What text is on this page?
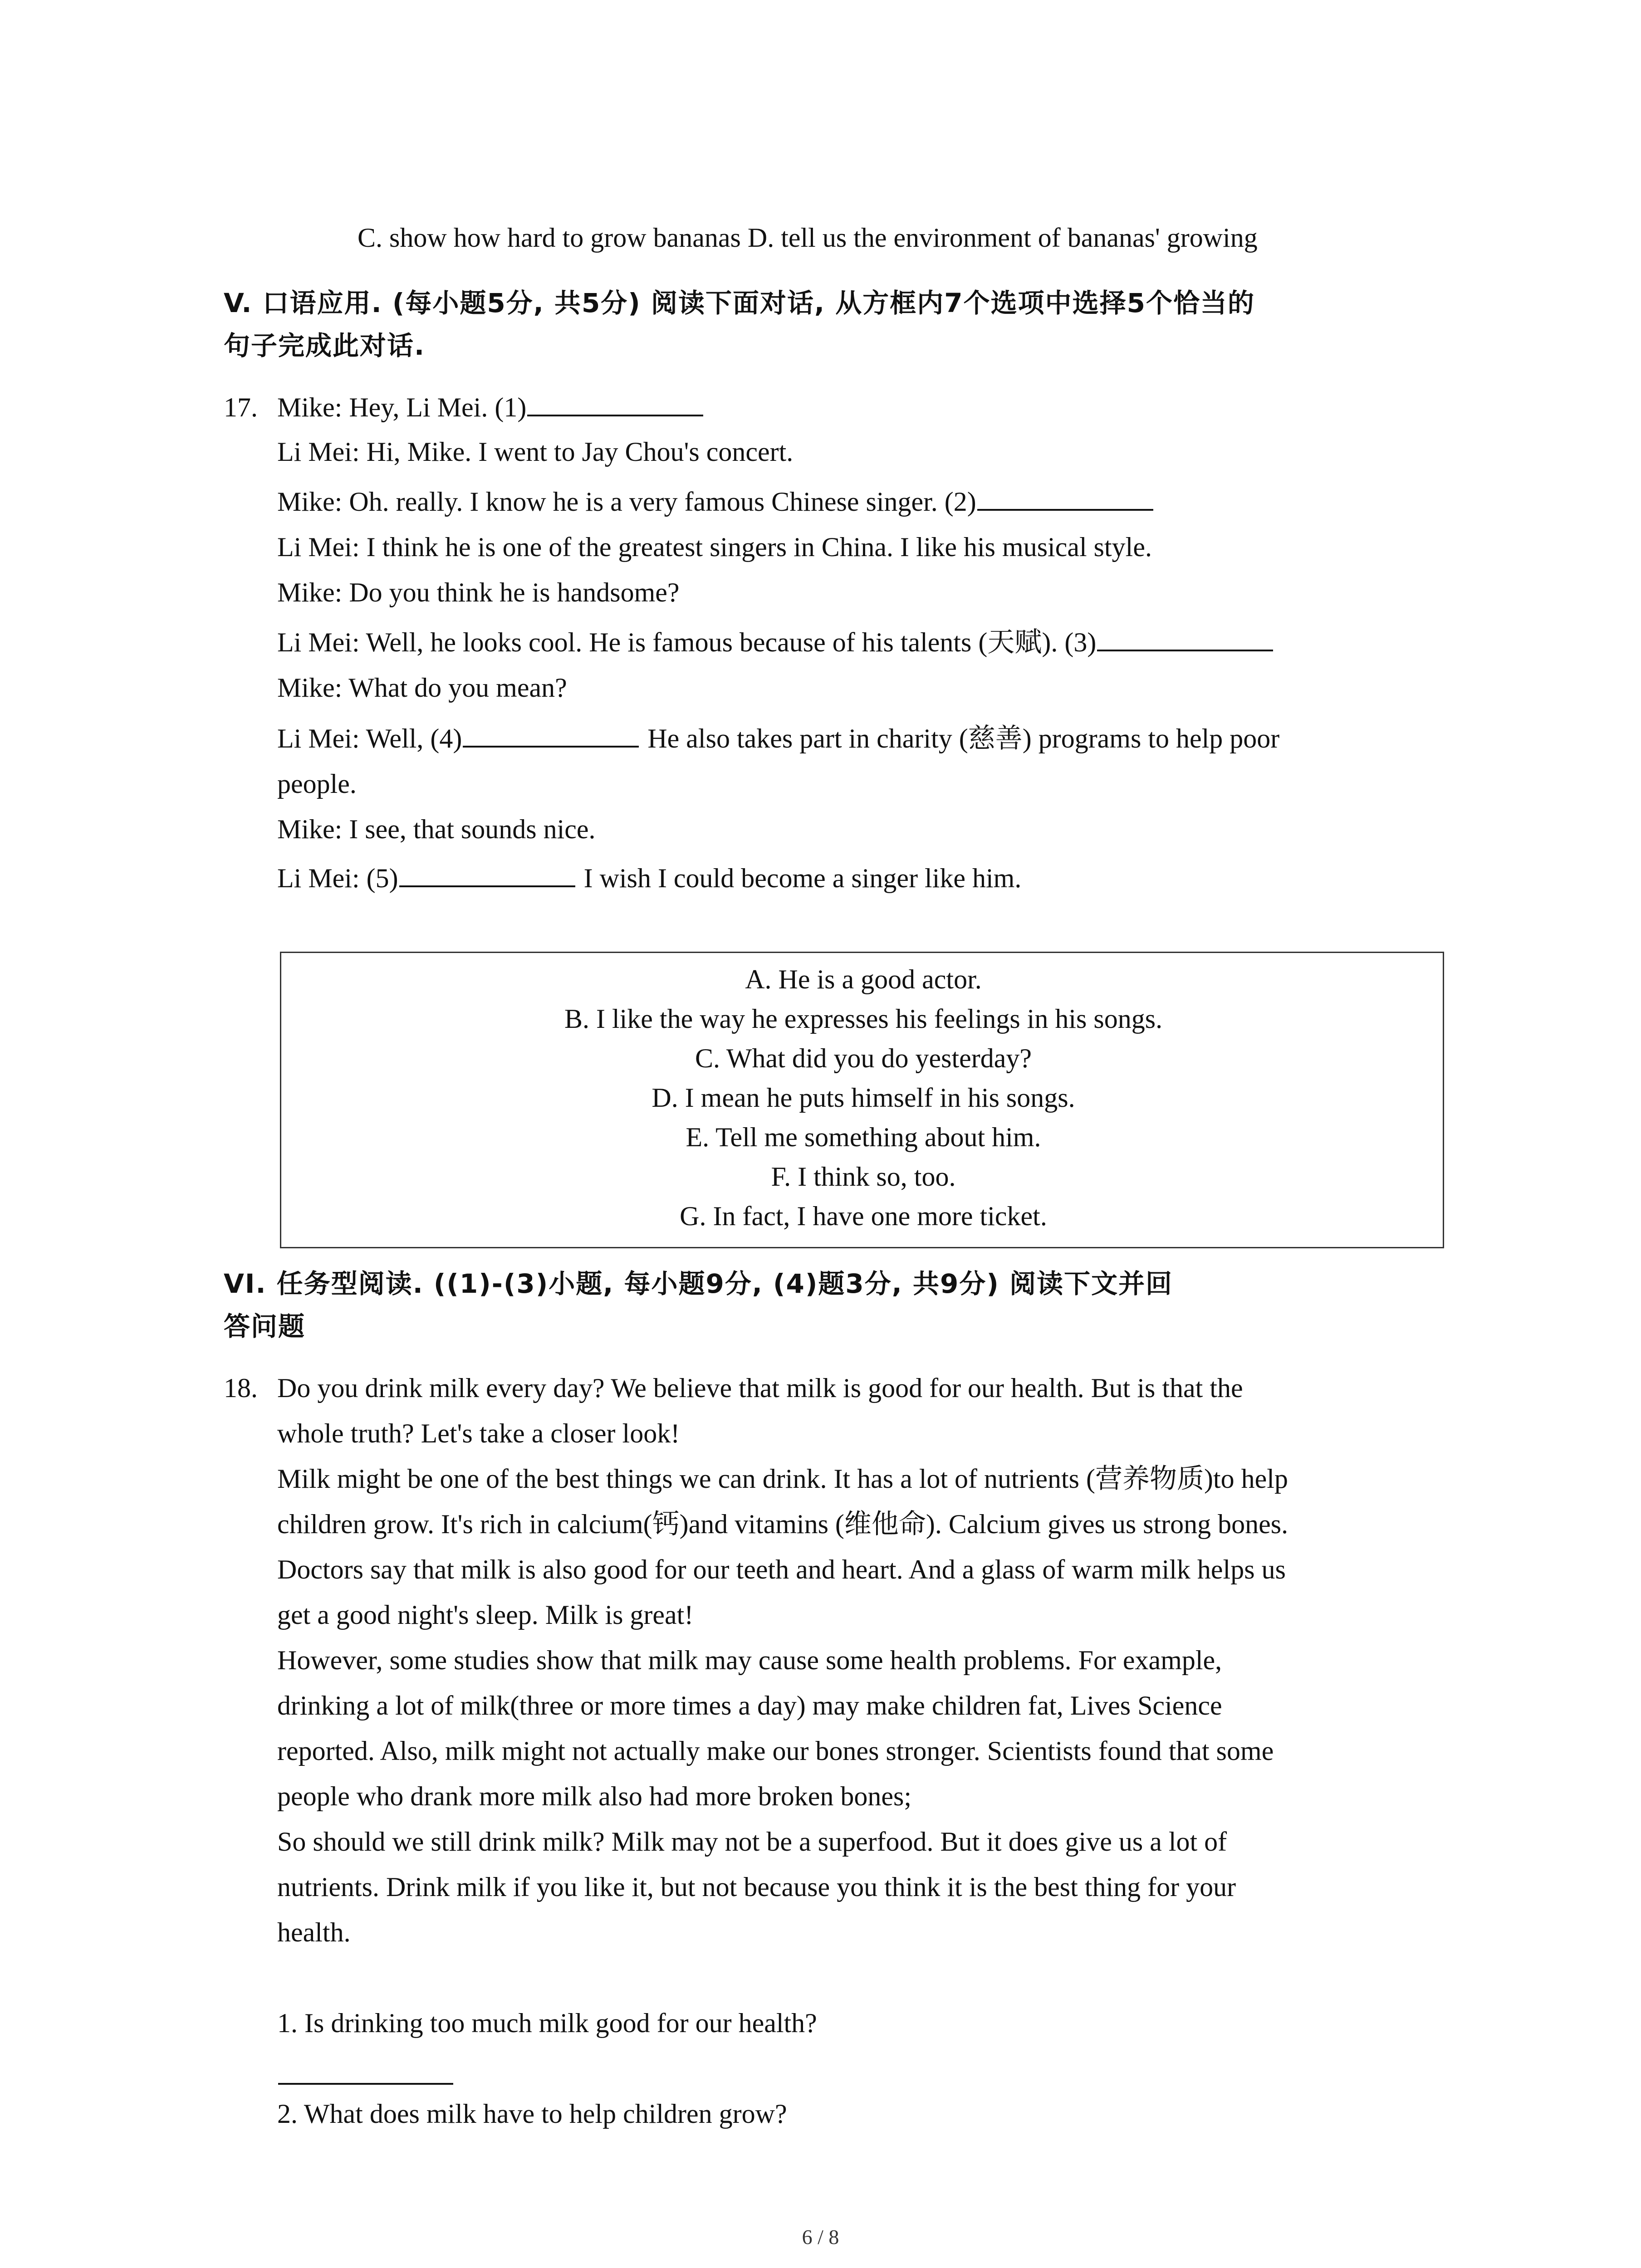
C. show how hard to grow bananas D. tell us the environment of bananas' growing
V. 口语应用. (每小题5分, 共5分) 阅读下面对话, 从方框内7个选项中选择5个恰当的
句子完成此对话.
17. Mike: Hey, Li Mei. (1)
Li Mei: Hi, Mike. I went to Jay Chou's concert.
Mike: Oh. really. I know he is a very famous Chinese singer. (2)
Li Mei: I think he is one of the greatest singers in China. I like his musical style.
Mike: Do you think he is handsome?
Li Mei: Well, he looks cool. He is famous because of his talents (天赋). (3)
Mike: What do you mean?
Li Mei: Well, (4)	He also takes part in charity (慈善) programs to help poor
people.
Mike: I see, that sounds nice.
Li Mei: (5)	I wish I could become a singer like him.
A. He is a good actor.
B. I like the way he expresses his feelings in his songs.
C. What did you do yesterday?
D. I mean he puts himself in his songs.
E. Tell me something about him.
F. I think so, too.
G. In fact, I have one more ticket.
VI. 任务型阅读. ((1)-(3)小题, 每小题9分, (4)题3分, 共9分) 阅读下文并回
答问题
18. Do you drink milk every day? We believe that milk is good for our health. But is that the
whole truth? Let's take a closer look!
Milk might be one of the best things we can drink. It has a lot of nutrients (营养物质)to help
children grow. It's rich in calcium(钙)and vitamins (维他命). Calcium gives us strong bones.
Doctors say that milk is also good for our teeth and heart. And a glass of warm milk helps us
get a good night's sleep. Milk is great!
However, some studies show that milk may cause some health problems. For example,
drinking a lot of milk(three or more times a day) may make children fat, Lives Science
reported. Also, milk might not actually make our bones stronger. Scientists found that some
people who drank more milk also had more broken bones;
So should we still drink milk? Milk may not be a superfood. But it does give us a lot of
nutrients. Drink milk if you like it, but not because you think it is the best thing for your
health.
1. Is drinking too much milk good for our health?
2. What does milk have to help children grow?
6 / 8
